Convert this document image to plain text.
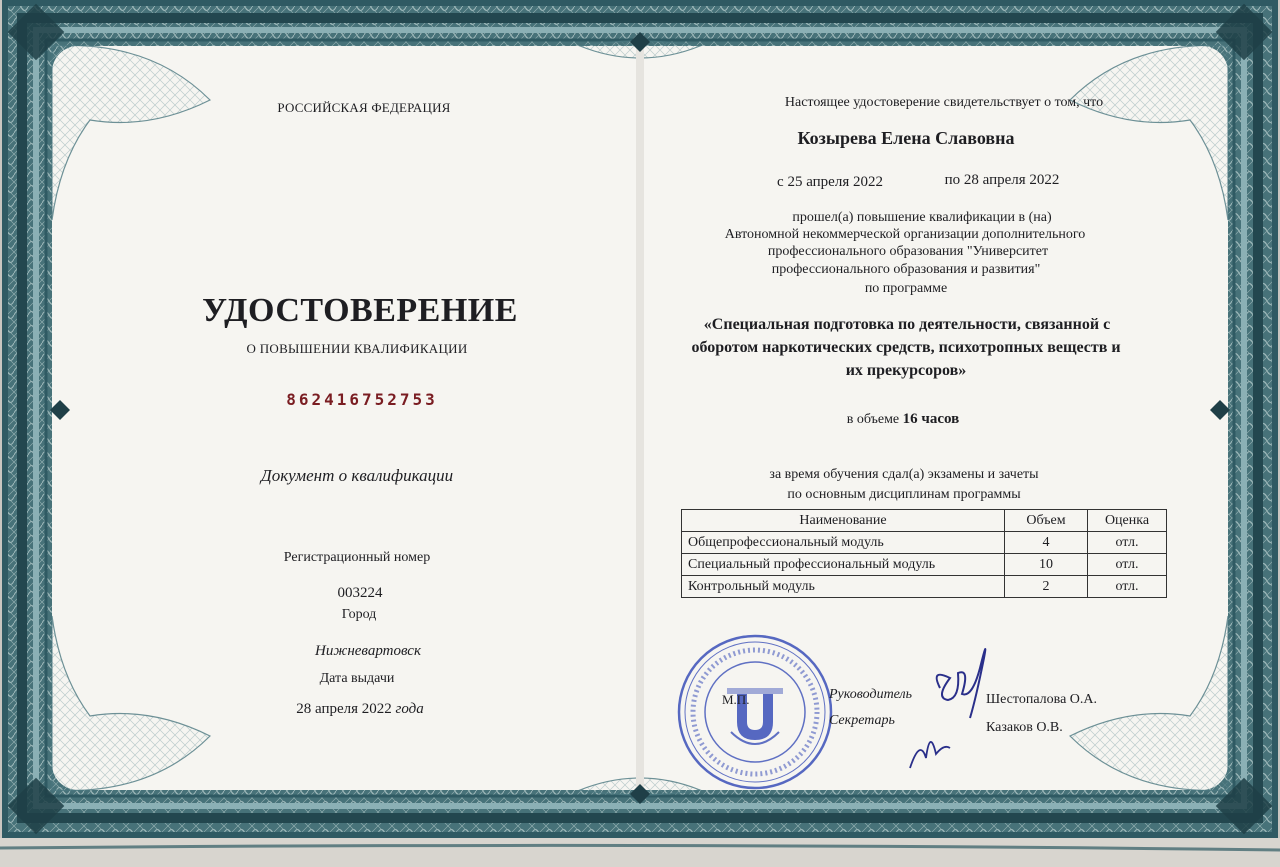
РОССИЙСКАЯ ФЕДЕРАЦИЯ
УДОСТОВЕРЕНИЕ
О ПОВЫШЕНИИ КВАЛИФИКАЦИИ
862416752753
Документ о квалификации
Регистрационный номер
003224
Город
Нижневартовск
Дата выдачи
28 апреля 2022 года
Настоящее удостоверение свидетельствует о том, что
Козырева Елена Славовна
с 25 апреля 2022	по 28 апреля 2022
прошел(а) повышение квалификации в (на)
Автономной некоммерческой организации дополнительного
профессионального образования "Университет
профессионального образования и развития"
по программе
«Специальная подготовка по деятельности, связанной с
оборотом наркотических средств, психотропных веществ и
их прекурсоров»
в объеме 16 часов
за время обучения сдал(а) экзамены и зачеты
по основным дисциплинам программы
Наименование	Объем	Оценка
Общепрофессиональный модуль	4	отл.
Специальный профессиональный модуль	10	отл.
Контрольный модуль	2	отл.
М.П.	Руководитель
Секретарь
Шестопалова О.А.
Казаков О.В.
